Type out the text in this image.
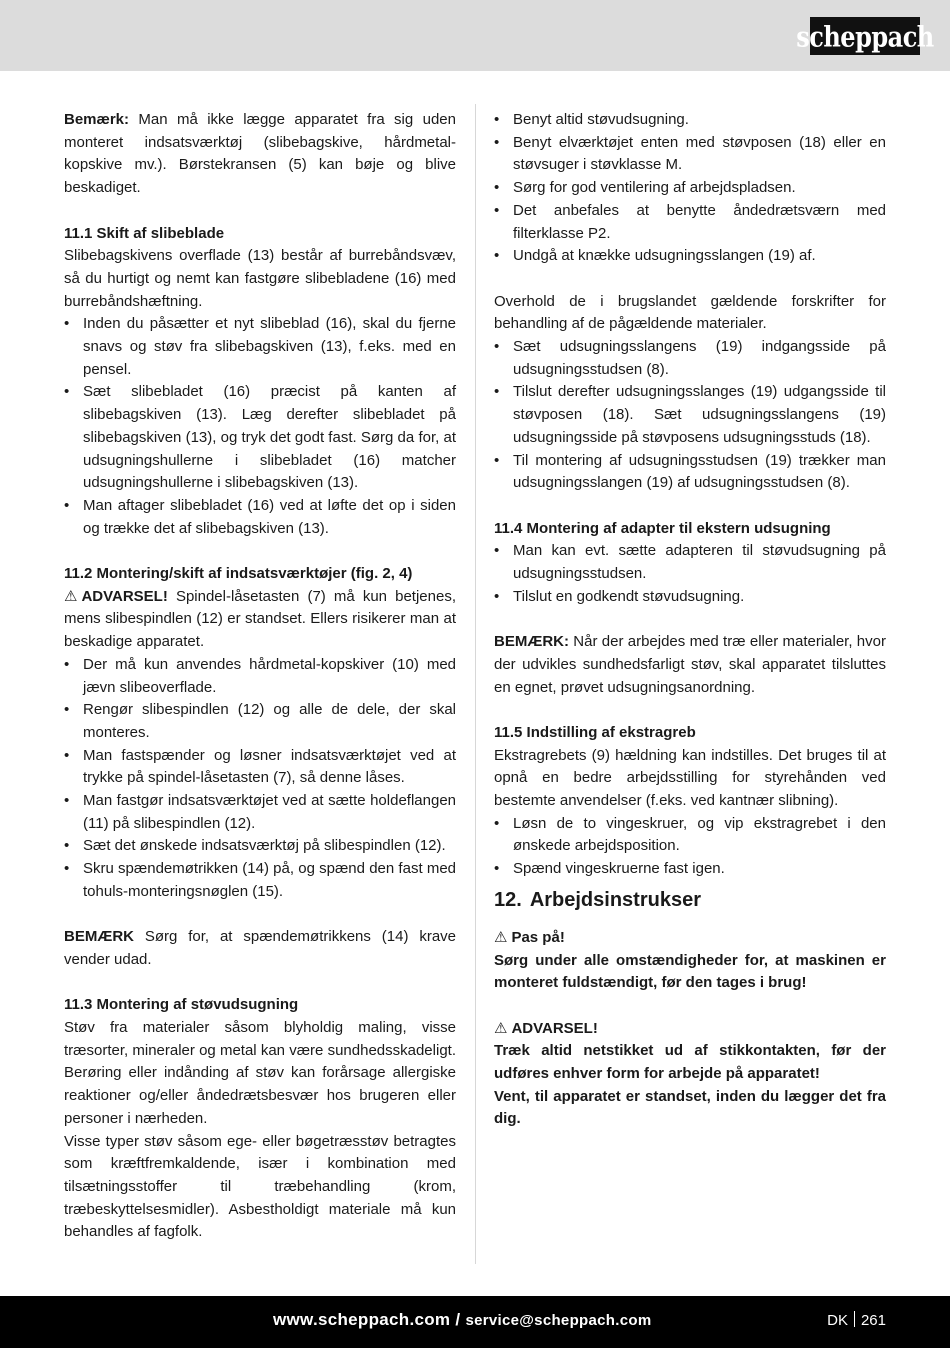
scheppach

Bemærk: Man må ikke lægge apparatet fra sig uden monteret indsatsværktøj (slibebagskive, hårdmetal-kopskive mv.). Børstekransen (5) kan bøje og blive beskadiget.

11.1 Skift af slibeblade

Slibebagskivens overflade (13) består af burrebåndsvæv, så du hurtigt og nemt kan fastgøre slibebladene (16) med burrebåndshæftning.

• Inden du påsætter et nyt slibeblad (16), skal du fjerne snavs og støv fra slibebagskiven (13), f.eks. med en pensel.
• Sæt slibebladet (16) præcist på kanten af slibebagskiven (13). Læg derefter slibebladet på slibebagskiven (13), og tryk det godt fast. Sørg da for, at udsugningshullerne i slibebladet (16) matcher udsugningshullerne i slibebagskiven (13).
• Man aftager slibebladet (16) ved at løfte det op i siden og trække det af slibebagskiven (13).

11.2 Montering/skift af indsatsværktøjer (fig. 2, 4)

⚠ ADVARSEL! Spindel-låsetasten (7) må kun betjenes, mens slibespindlen (12) er standset. Ellers risikerer man at beskadige apparatet.

• Der må kun anvendes hårdmetal-kopskiver (10) med jævn slibeoverflade.
• Rengør slibespindlen (12) og alle de dele, der skal monteres.
• Man fastspænder og løsner indsatsværktøjet ved at trykke på spindel-låsetasten (7), så denne låses.
• Man fastgør indsatsværktøjet ved at sætte holdeflangen (11) på slibespindlen (12).
• Sæt det ønskede indsatsværktøj på slibespindlen (12).
• Skru spændemøtrikken (14) på, og spænd den fast med tohuls-monteringsnøglen (15).

BEMÆRK Sørg for, at spændemøtrikkens (14) krave vender udad.

11.3 Montering af støvudsugning

Støv fra materialer såsom blyholdig maling, visse træsorter, mineraler og metal kan være sundhedsskadeligt. Berøring eller indånding af støv kan forårsage allergiske reaktioner og/eller åndedrætsbesvær hos brugeren eller personer i nærheden.

Visse typer støv såsom ege- eller bøgetræsstøv betragtes som kræftfremkaldende, især i kombination med tilsætningsstoffer til træbehandling (krom, træbeskyttelsesmidler). Asbestholdigt materiale må kun behandles af fagfolk.

• Benyt altid støvudsugning.
• Benyt elværktøjet enten med støvposen (18) eller en støvsuger i støvklasse M.
• Sørg for god ventilering af arbejdspladsen.
• Det anbefales at benytte åndedrætsværn med filterklasse P2.
• Undgå at knække udsugningsslangen (19) af.

Overhold de i brugslandet gældende forskrifter for behandling af de pågældende materialer.

• Sæt udsugningsslangens (19) indgangsside på udsugningsstudsen (8).
• Tilslut derefter udsugningsslanges (19) udgangsside til støvposen (18). Sæt udsugningsslangens (19) udsugningsside på støvposens udsugningsstuds (18).
• Til montering af udsugningsstudsen (19) trækker man udsugningsslangen (19) af udsugningsstudsen (8).

11.4 Montering af adapter til ekstern udsugning

• Man kan evt. sætte adapteren til støvudsugning på udsugningsstudsen.
• Tilslut en godkendt støvudsugning.

BEMÆRK: Når der arbejdes med træ eller materialer, hvor der udvikles sundhedsfarligt støv, skal apparatet tilsluttes en egnet, prøvet udsugningsanordning.

11.5 Indstilling af ekstragreb

Ekstragrebets (9) hældning kan indstilles. Det bruges til at opnå en bedre arbejdsstilling for styrehånden ved bestemte anvendelser (f.eks. ved kantnær slibning).

• Løsn de to vingeskruer, og vip ekstragrebet i den ønskede arbejdsposition.
• Spænd vingeskruerne fast igen.
12. Arbejdsinstrukser

⚠ Pas på!

Sørg under alle omstændigheder for, at maskinen er monteret fuldstændigt, før den tages i brug!

⚠ ADVARSEL!

Træk altid netstikket ud af stikkontakten, før der udføres enhver form for arbejde på apparatet!

Vent, til apparatet er standset, inden du lægger det fra dig.

www.scheppach.com / service@scheppach.com	DK 261
